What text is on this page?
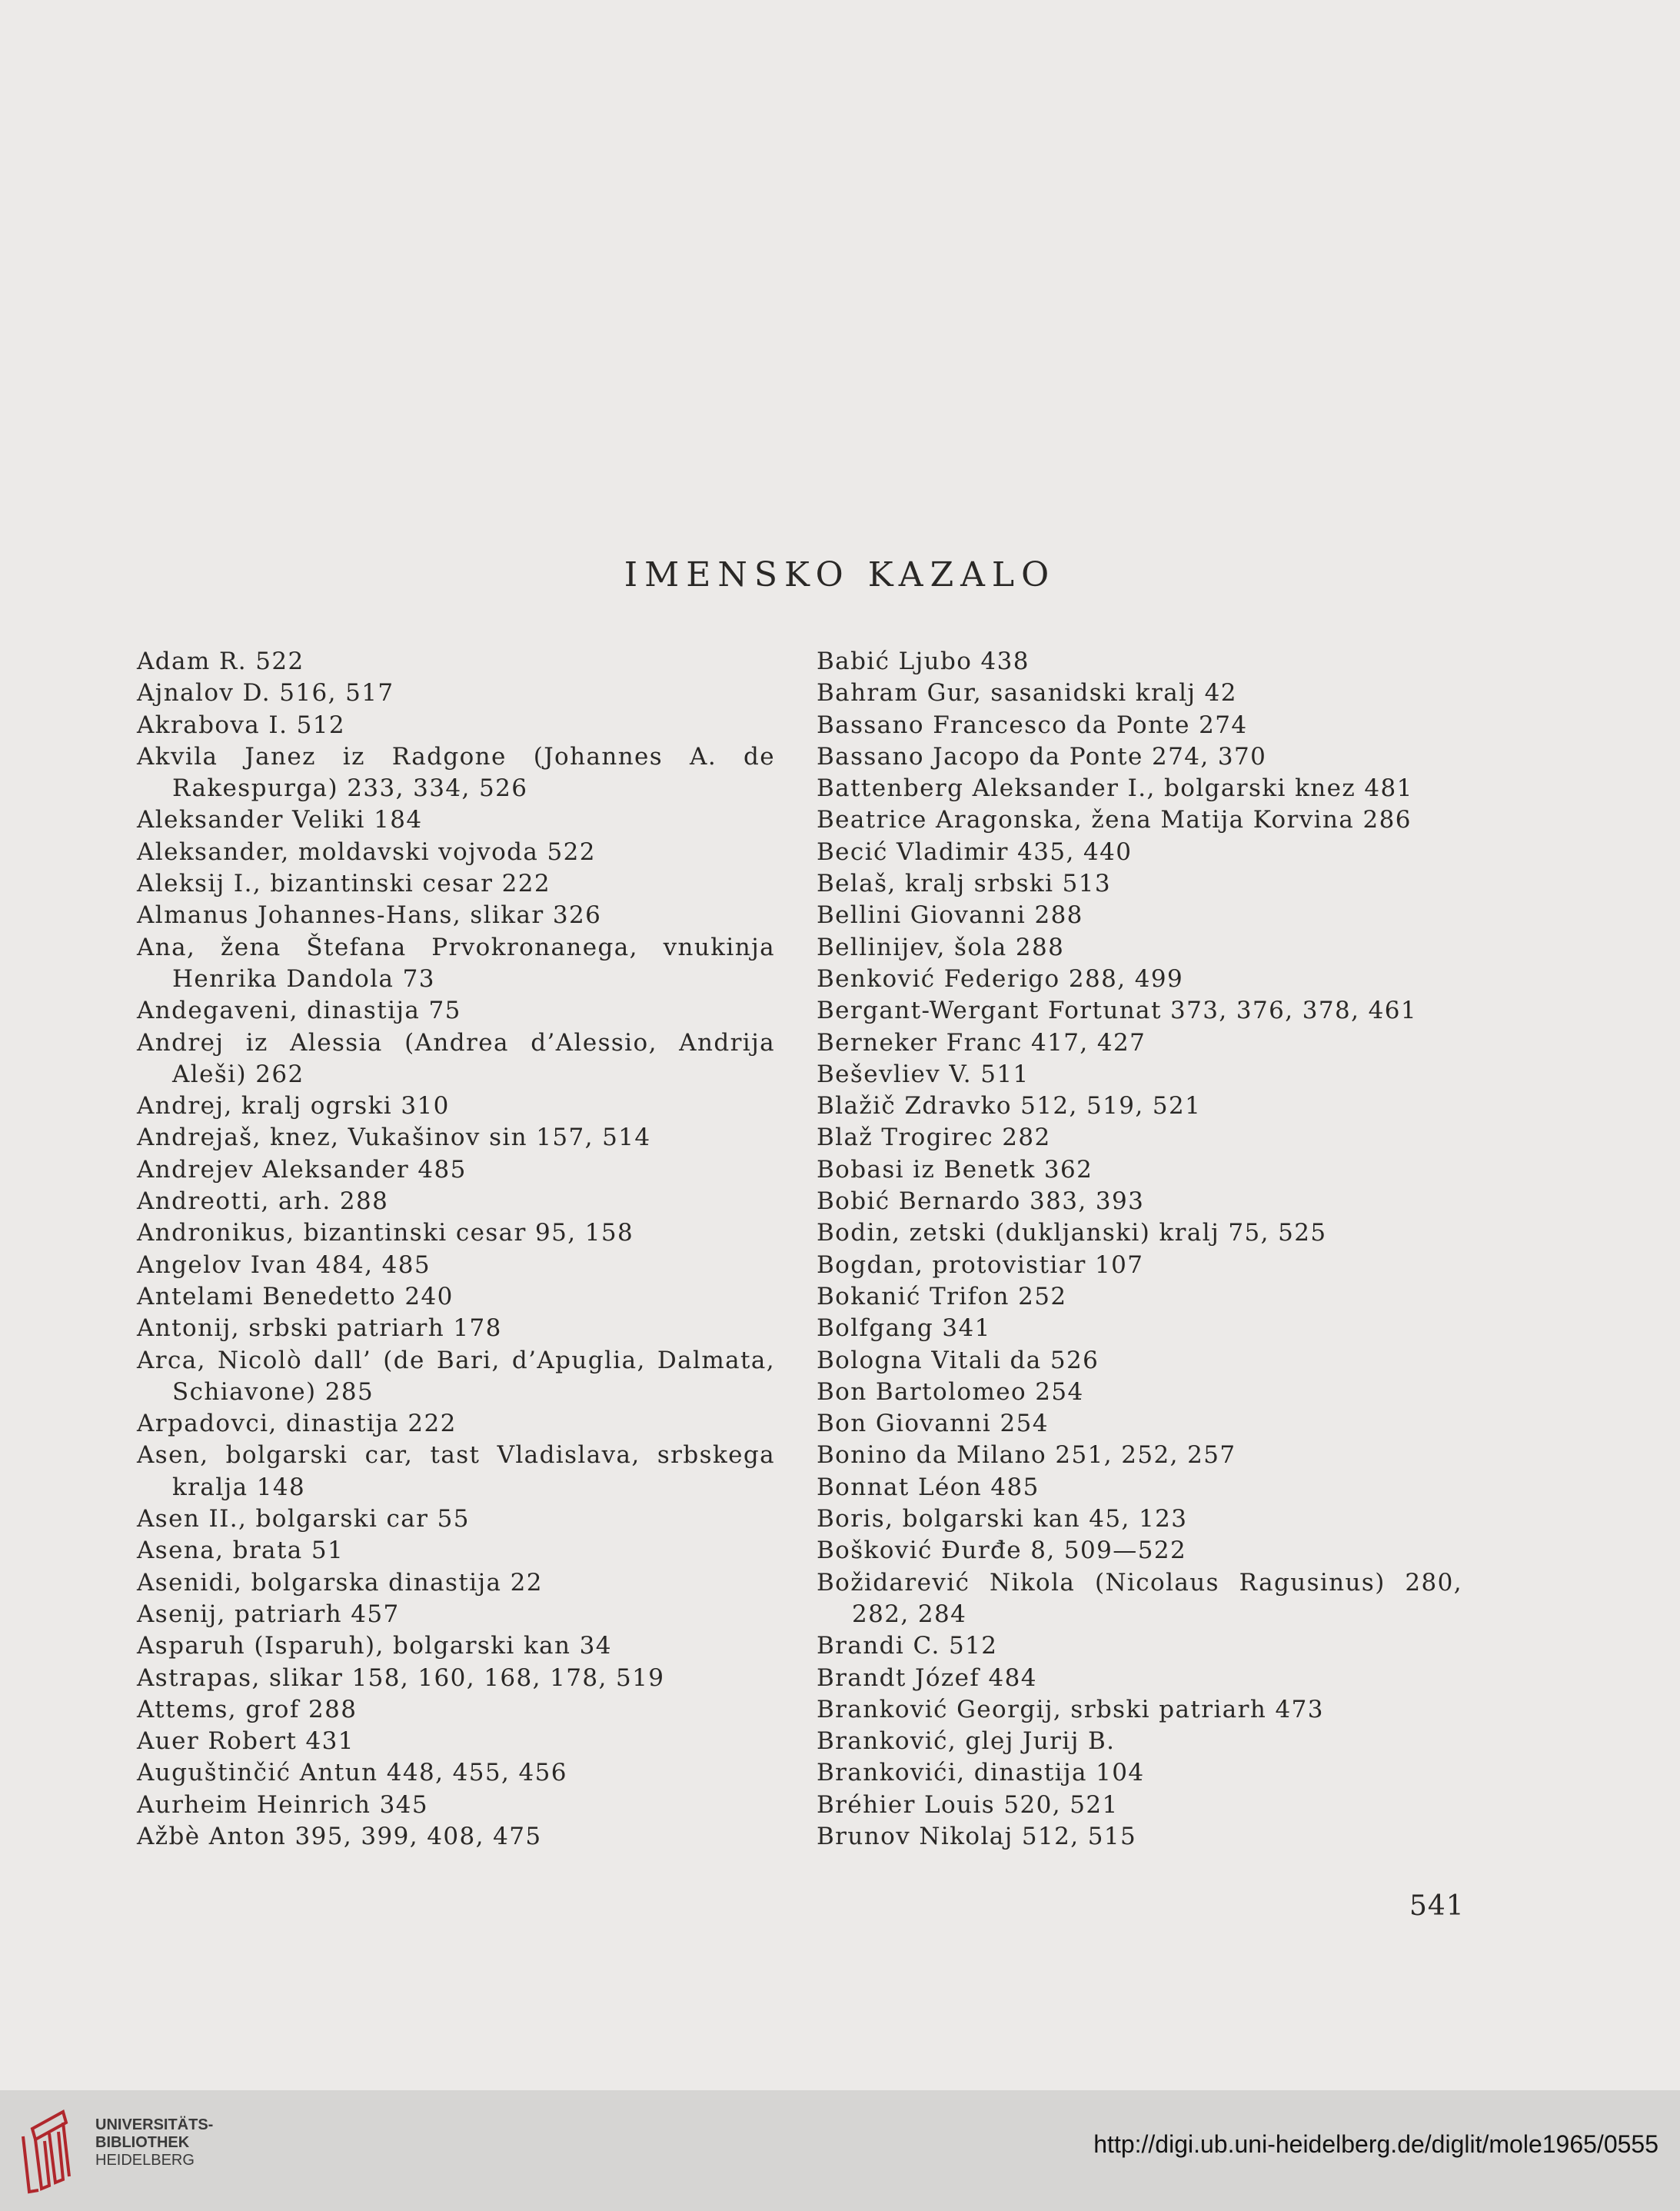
IMENSKO KAZALO
Adam R. 522
Ajnalov D. 516, 517
Akrabova I. 512
Akvila Janez iz Radgone (Johannes A. de Rakespurga) 233, 334, 526
Aleksander Veliki 184
Aleksander, moldavski vojvoda 522
Aleksij I., bizantinski cesar 222
Almanus Johannes-Hans, slikar 326
Ana, žena Štefana Prvokronanega, vnukinja Henrika Dandola 73
Andegaveni, dinastija 75
Andrej iz Alessia (Andrea d’Alessio, Andrija Aleši) 262
Andrej, kralj ogrski 310
Andrejaš, knez, Vukašinov sin 157, 514
Andrejev Aleksander 485
Andreotti, arh. 288
Andronikus, bizantinski cesar 95, 158
Angelov Ivan 484, 485
Antelami Benedetto 240
Antonij, srbski patriarh 178
Arca, Nicolò dall’ (de Bari, d’Apuglia, Dalmata, Schiavone) 285
Arpadovci, dinastija 222
Asen, bolgarski car, tast Vladislava, srbskega kralja 148
Asen II., bolgarski car 55
Asena, brata 51
Asenidi, bolgarska dinastija 22
Asenij, patriarh 457
Asparuh (Isparuh), bolgarski kan 34
Astrapas, slikar 158, 160, 168, 178, 519
Attems, grof 288
Auer Robert 431
Auguštinčić Antun 448, 455, 456
Aurheim Heinrich 345
Ažbè Anton 395, 399, 408, 475
Babić Ljubo 438
Bahram Gur, sasanidski kralj 42
Bassano Francesco da Ponte 274
Bassano Jacopo da Ponte 274, 370
Battenberg Aleksander I., bolgarski knez 481
Beatrice Aragonska, žena Matija Korvina 286
Becić Vladimir 435, 440
Belaš, kralj srbski 513
Bellini Giovanni 288
Bellinijev, šola 288
Benković Federigo 288, 499
Bergant-Wergant Fortunat 373, 376, 378, 461
Berneker Franc 417, 427
Beševliev V. 511
Blažič Zdravko 512, 519, 521
Blaž Trogirec 282
Bobasi iz Benetk 362
Bobić Bernardo 383, 393
Bodin, zetski (dukljanski) kralj 75, 525
Bogdan, protovistiar 107
Bokanić Trifon 252
Bolfgang 341
Bologna Vitali da 526
Bon Bartolomeo 254
Bon Giovanni 254
Bonino da Milano 251, 252, 257
Bonnat Léon 485
Boris, bolgarski kan 45, 123
Bošković Đurđe 8, 509—522
Božidarević Nikola (Nicolaus Ragusinus) 280, 282, 284
Brandi C. 512
Brandt Józef 484
Branković Georgij, srbski patriarh 473
Branković, glej Jurij B.
Brankovići, dinastija 104
Bréhier Louis 520, 521
Brunov Nikolaj 512, 515
541
UNIVERSITÄTS-
BIBLIOTHEK
HEIDELBERG
http://digi.ub.uni-heidelberg.de/diglit/mole1965/0555
